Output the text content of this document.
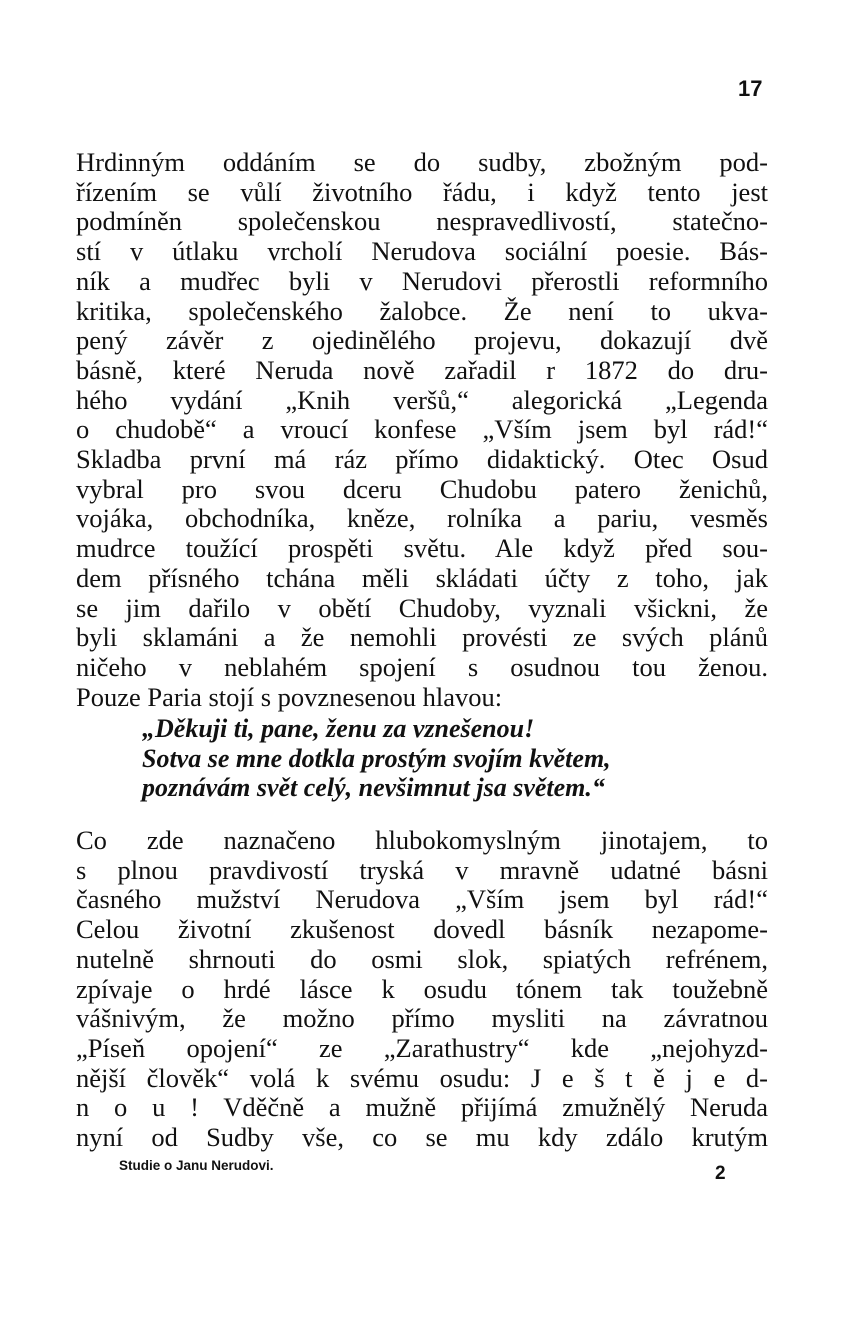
17
Hrdinným oddáním se do sudby, zbožným pod-
řízením se vůlí životního řádu, i když tento jest
podmíněn společenskou nespravedlivostí, statečno-
stí v útlaku vrcholí Nerudova sociální poesie. Bás-
ník a mudřec byli v Nerudovi přerostli reformního
kritika, společenského žalobce. Že není to ukva-
pený závěr z ojedinělého projevu, dokazují dvě
básně, které Neruda nově zařadil r 1872 do dru-
hého vydání „Knih veršů,“ alegorická „Legenda
o chudobě“ a vroucí konfese „Vším jsem byl rád!“
Skladba první má ráz přímo didaktický. Otec Osud
vybral pro svou dceru Chudobu patero ženichů,
vojáka, obchodníka, kněze, rolníka a pariu, vesměs
mudrce toužící prospěti světu. Ale když před sou-
dem přísného tchána měli skládati účty z toho, jak
se jim dařilo v obětí Chudoby, vyznali všickni, že
byli sklamáni a že nemohli provésti ze svých plánů
ničeho v neblahém spojení s osudnou tou ženou.
Pouze Paria stojí s povznesenou hlavou:
„Děkuji ti, pane, ženu za vznešenou!
Sotva se mne dotkla prostým svojím květem,
poznávám svět celý, nevšimnut jsa světem.“
Co zde naznačeno hlubokomyslným jinotajem, to
s plnou pravdivostí tryská v mravně udatné básni
časného mužství Nerudova „Vším jsem byl rád!“
Celou životní zkušenost dovedl básník nezapome-
nutelně shrnouti do osmi slok, spiatých refrénem,
zpívaje o hrdé lásce k osudu tónem tak toužebně
vášnivým, že možno přímo mysliti na závratnou
„Píseň opojení“ ze „Zarathustry“ kde „nejohyzd-
nější člověk“ volá k svému osudu: J e š t ě j e d-
n o u ! Vděčně a mužně přijímá zmužnělý Neruda
nyní od Sudby vše, co se mu kdy zdálo krutým
Studie o Janu Nerudovi.	2
